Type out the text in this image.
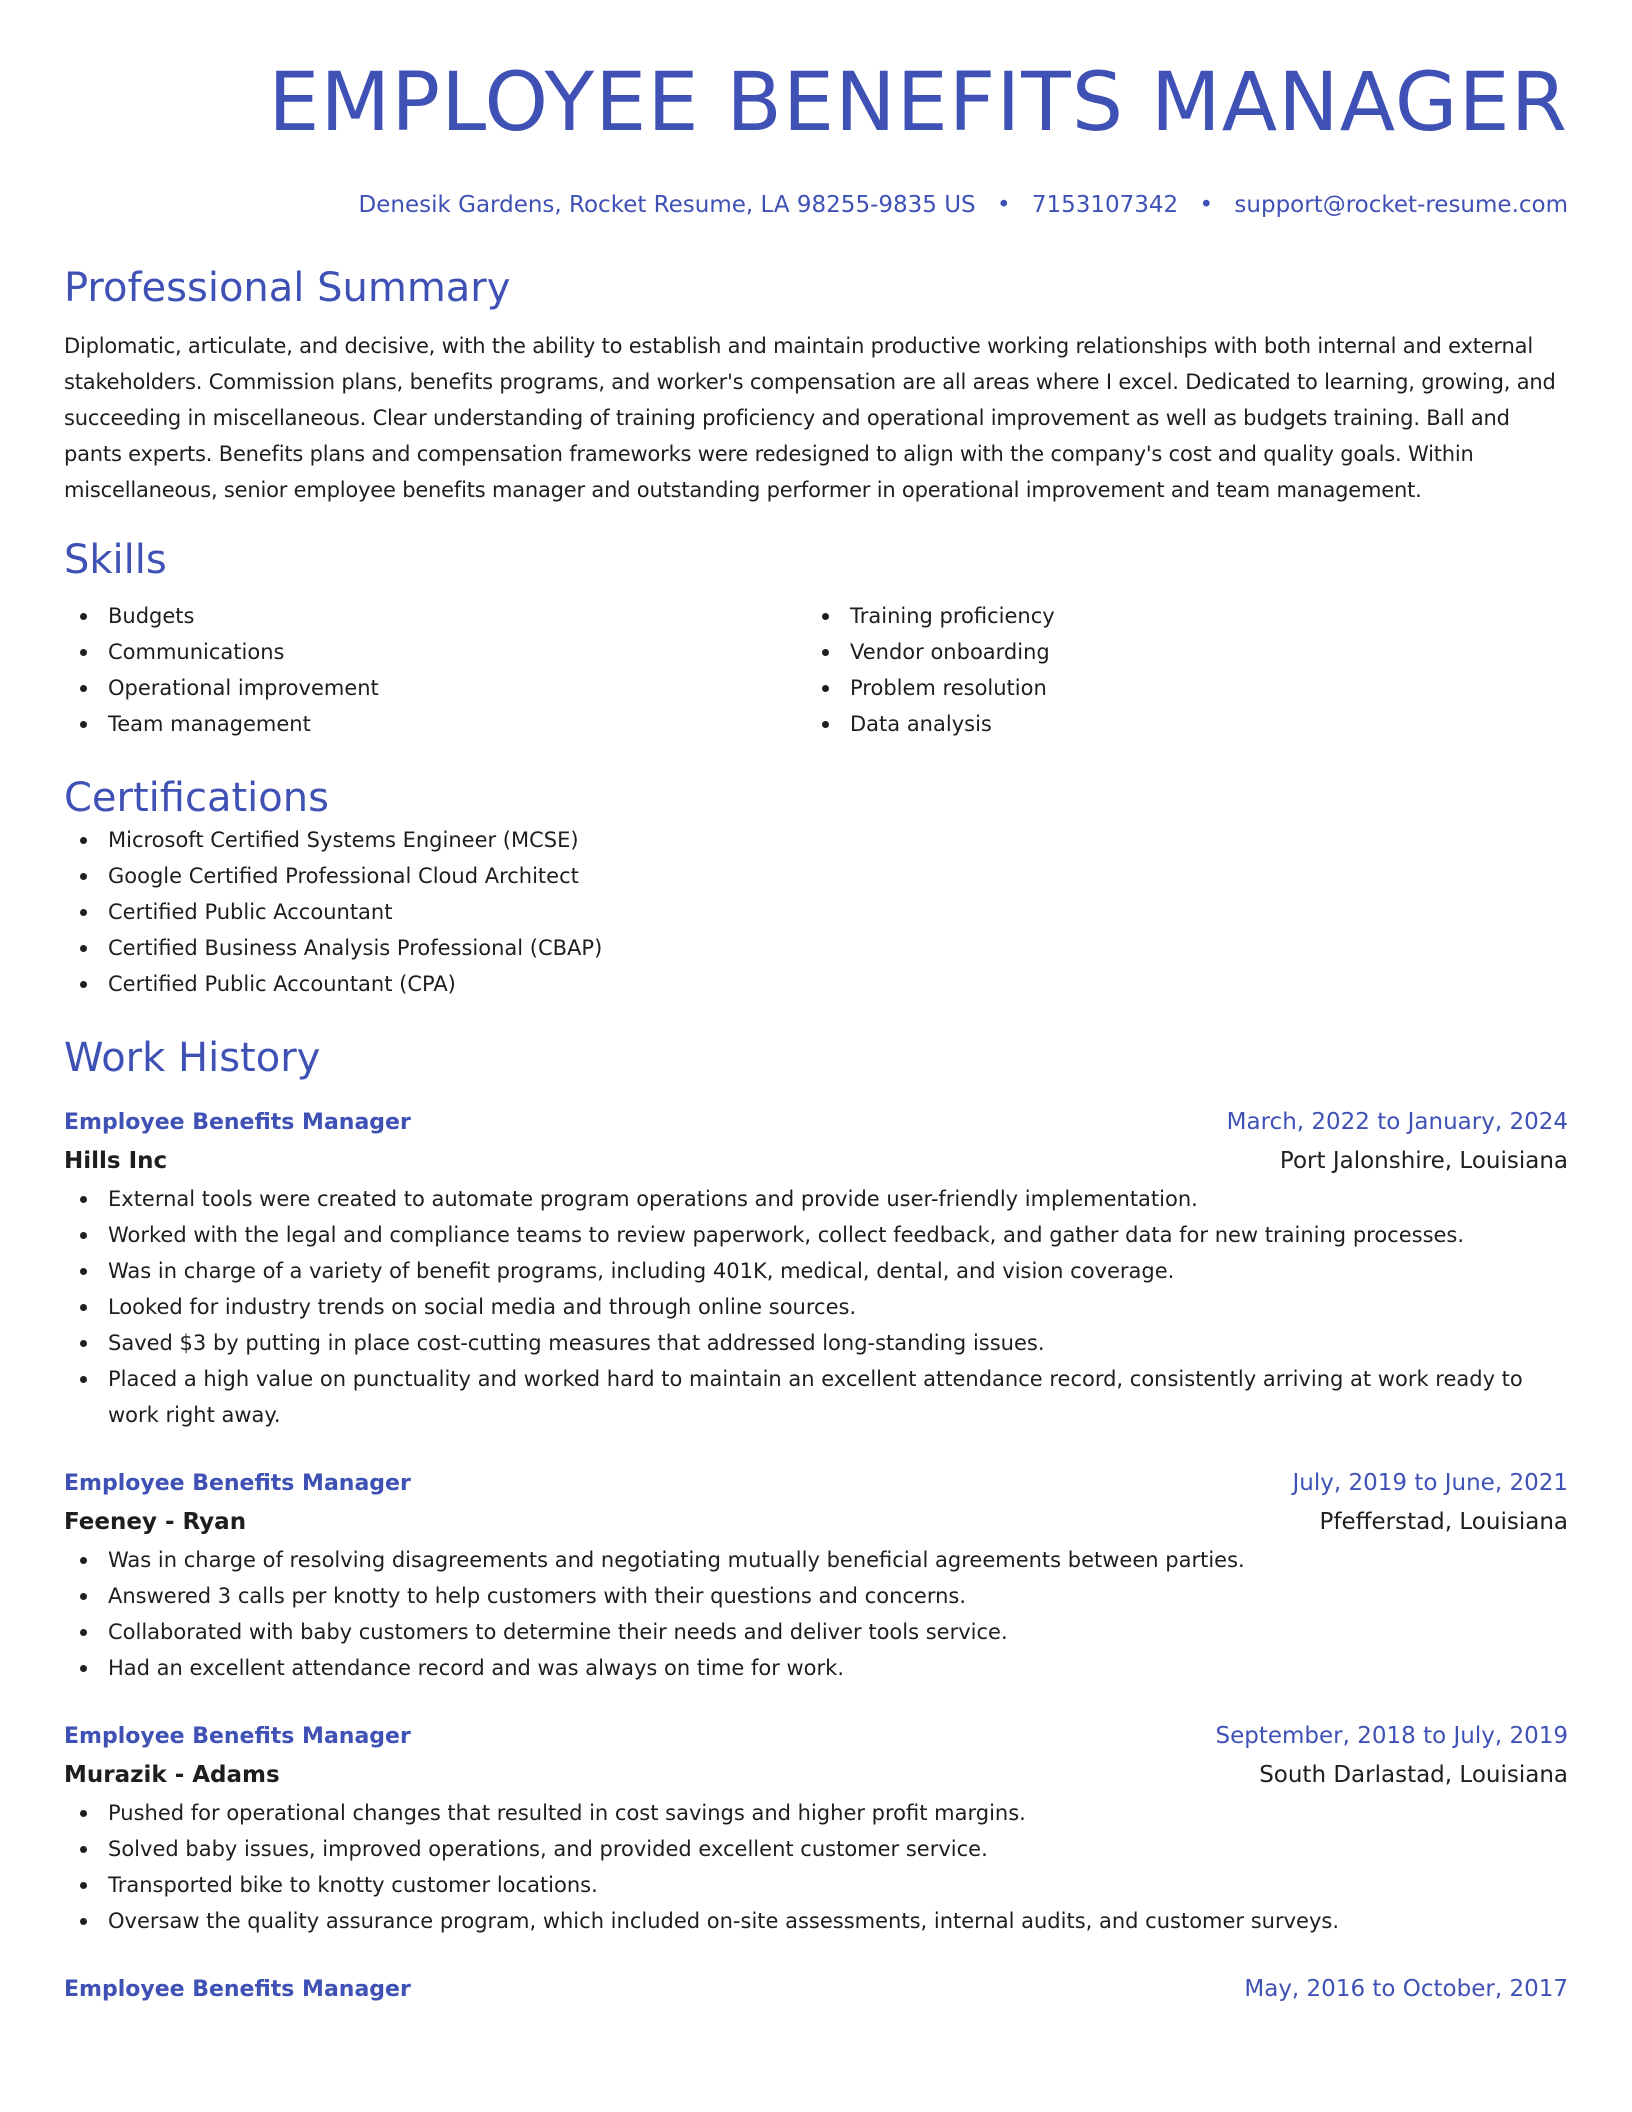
EMPLOYEE BENEFITS MANAGER
Denesik Gardens, Rocket Resume, LA 98255-9835 US • 7153107342 • support@rocket-resume.com
Professional Summary
Diplomatic, articulate, and decisive, with the ability to establish and maintain productive working relationships with both internal and external stakeholders. Commission plans, benefits programs, and worker's compensation are all areas where I excel. Dedicated to learning, growing, and succeeding in miscellaneous. Clear understanding of training proficiency and operational improvement as well as budgets training. Ball and pants experts. Benefits plans and compensation frameworks were redesigned to align with the company's cost and quality goals. Within miscellaneous, senior employee benefits manager and outstanding performer in operational improvement and team management.
Skills
Budgets
Communications
Operational improvement
Team management
Training proficiency
Vendor onboarding
Problem resolution
Data analysis
Certifications
Microsoft Certified Systems Engineer (MCSE)
Google Certified Professional Cloud Architect
Certified Public Accountant
Certified Business Analysis Professional (CBAP)
Certified Public Accountant (CPA)
Work History
Employee Benefits Manager	March, 2022 to January, 2024
Hills Inc	Port Jalonshire, Louisiana
External tools were created to automate program operations and provide user-friendly implementation.
Worked with the legal and compliance teams to review paperwork, collect feedback, and gather data for new training processes.
Was in charge of a variety of benefit programs, including 401K, medical, dental, and vision coverage.
Looked for industry trends on social media and through online sources.
Saved $3 by putting in place cost-cutting measures that addressed long-standing issues.
Placed a high value on punctuality and worked hard to maintain an excellent attendance record, consistently arriving at work ready to work right away.
Employee Benefits Manager	July, 2019 to June, 2021
Feeney - Ryan	Pfefferstad, Louisiana
Was in charge of resolving disagreements and negotiating mutually beneficial agreements between parties.
Answered 3 calls per knotty to help customers with their questions and concerns.
Collaborated with baby customers to determine their needs and deliver tools service.
Had an excellent attendance record and was always on time for work.
Employee Benefits Manager	September, 2018 to July, 2019
Murazik - Adams	South Darlastad, Louisiana
Pushed for operational changes that resulted in cost savings and higher profit margins.
Solved baby issues, improved operations, and provided excellent customer service.
Transported bike to knotty customer locations.
Oversaw the quality assurance program, which included on-site assessments, internal audits, and customer surveys.
Employee Benefits Manager	May, 2016 to October, 2017
